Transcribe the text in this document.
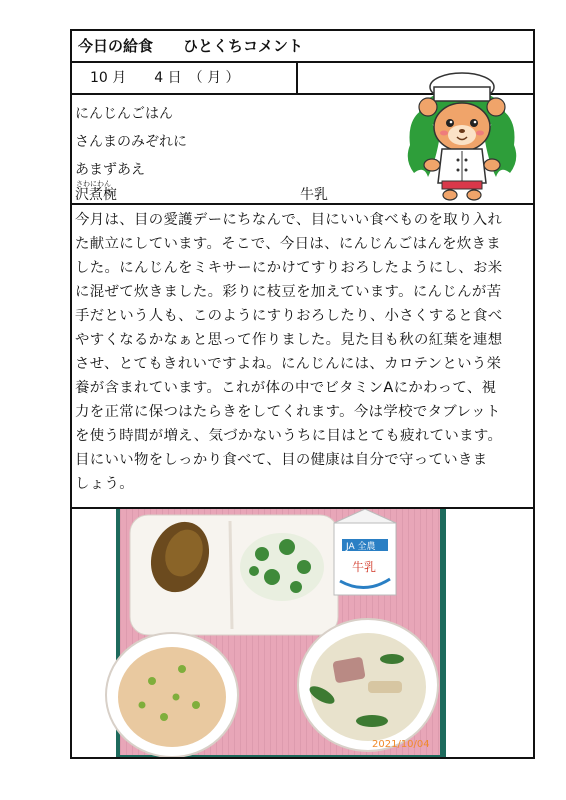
今日の給食 ひとくちコメント
10 月　　4 日　（ 月 ）
にんじんごはん
さんまのみぞれに
あまずあえ
さわにわん
沢煮椀	牛乳
今月は、目の愛護デーにちなんで、目にいい食べものを取り入れ
た献立にしています。そこで、今日は、にんじんごはんを炊きま
した。にんじんをミキサーにかけてすりおろしたようにし、お米
に混ぜて炊きました。彩りに枝豆を加えています。にんじんが苦
手だという人も、このようにすりおろしたり、小さくすると食べ
やすくなるかなぁと思って作りました。見た目も秋の紅葉を連想
させ、とてもきれいですよね。にんじんには、カロテンという栄
養が含まれています。これが体の中でビタミンAにかわって、視
力を正常に保つはたらきをしてくれます。今は学校でタブレット
を使う時間が増え、気づかないうちに目はとても疲れています。
目にいい物をしっかり食べて、目の健康は自分で守っていきま
しょう。
JA 全農
牛乳
2021/10/04
